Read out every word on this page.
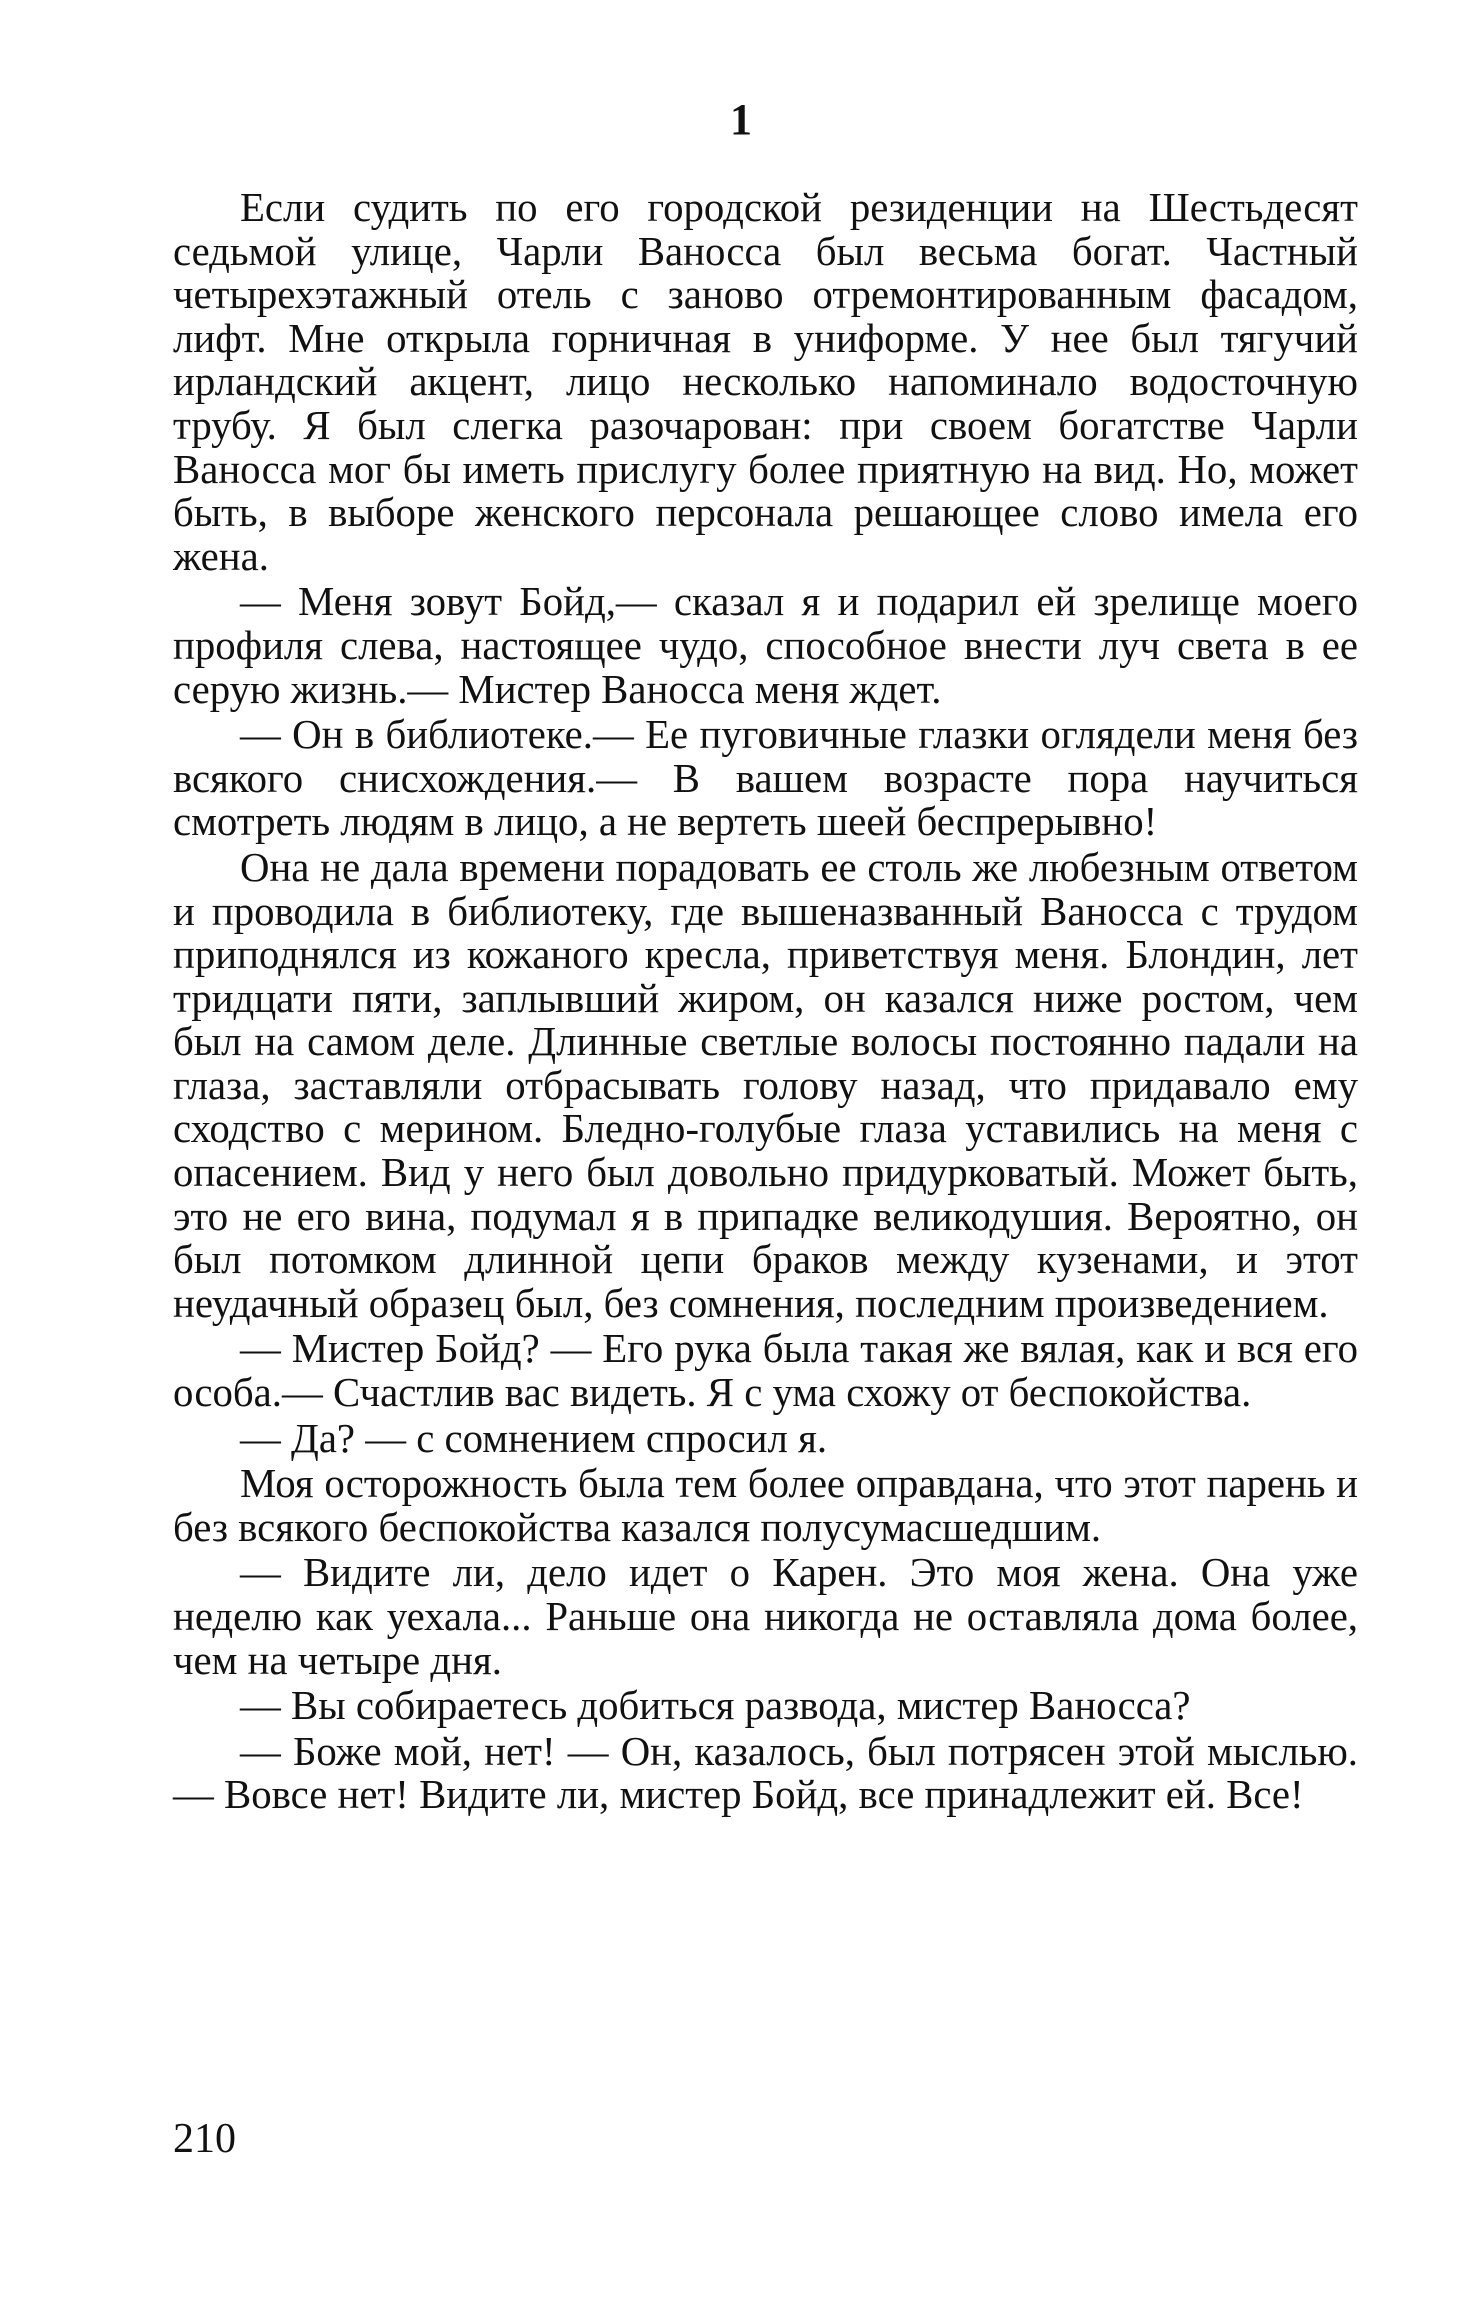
1

Если судить по его городской резиденции на Шестьдесят седьмой улице, Чарли Ваносса был весьма богат. Частный четырехэтажный отель с заново отремонтированным фасадом, лифт. Мне открыла горничная в униформе. У нее был тягучий ирландский акцент, лицо несколько напоминало водосточную трубу. Я был слегка разочарован: при своем богатстве Чарли Ваносса мог бы иметь прислугу более приятную на вид. Но, может быть, в выборе женского персонала решающее слово имела его жена.

— Меня зовут Бойд,— сказал я и подарил ей зрелище моего профиля слева, настоящее чудо, способное внести луч света в ее серую жизнь.— Мистер Ваносса меня ждет.

— Он в библиотеке.— Ее пуговичные глазки оглядели меня без всякого снисхождения.— В вашем возрасте пора научиться смотреть людям в лицо, а не вертеть шеей беспрерывно!

Она не дала времени порадовать ее столь же любезным ответом и проводила в библиотеку, где вышеназванный Ваносса с трудом приподнялся из кожаного кресла, приветствуя меня. Блондин, лет тридцати пяти, заплывший жиром, он казался ниже ростом, чем был на самом деле. Длинные светлые волосы постоянно падали на глаза, заставляли отбрасывать голову назад, что придавало ему сходство с мерином. Бледно-голубые глаза уставились на меня с опасением. Вид у него был довольно придурковатый. Может быть, это не его вина, подумал я в припадке великодушия. Вероятно, он был потомком длинной цепи браков между кузенами, и этот неудачный образец был, без сомнения, последним произведением.

— Мистер Бойд? — Его рука была такая же вялая, как и вся его особа.— Счастлив вас видеть. Я с ума схожу от беспокойства.

— Да? — с сомнением спросил я.

Моя осторожность была тем более оправдана, что этот парень и без всякого беспокойства казался полусумасшедшим.

— Видите ли, дело идет о Карен. Это моя жена. Она уже неделю как уехала... Раньше она никогда не оставляла дома более, чем на четыре дня.

— Вы собираетесь добиться развода, мистер Ваносса?

— Боже мой, нет! — Он, казалось, был потрясен этой мыслью.— Вовсе нет! Видите ли, мистер Бойд, все принадлежит ей. Все!

210
